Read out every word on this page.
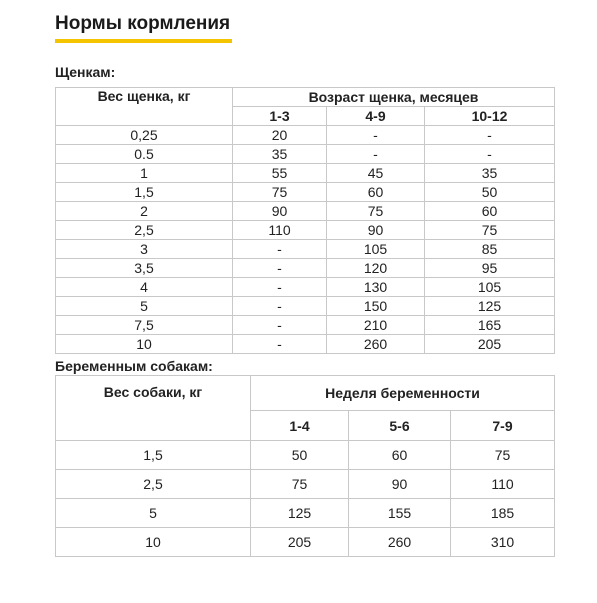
Нормы кормления
Щенкам:
Вес щенка, кг	Возраст щенка, месяцев		
	1-3	4-9	10-12
0,25	20	-	-
0.5	35	-	-
1	55	45	35
1,5	75	60	50
2	90	75	60
2,5	110	90	75
3	-	105	85
3,5	-	120	95
4	-	130	105
5	-	150	125
7,5	-	210	165
10	-	260	205
Беременным собакам:
Вес собаки, кг	Неделя беременности		
	1-4	5-6	7-9
1,5	50	60	75
2,5	75	90	110
5	125	155	185
10	205	260	310
